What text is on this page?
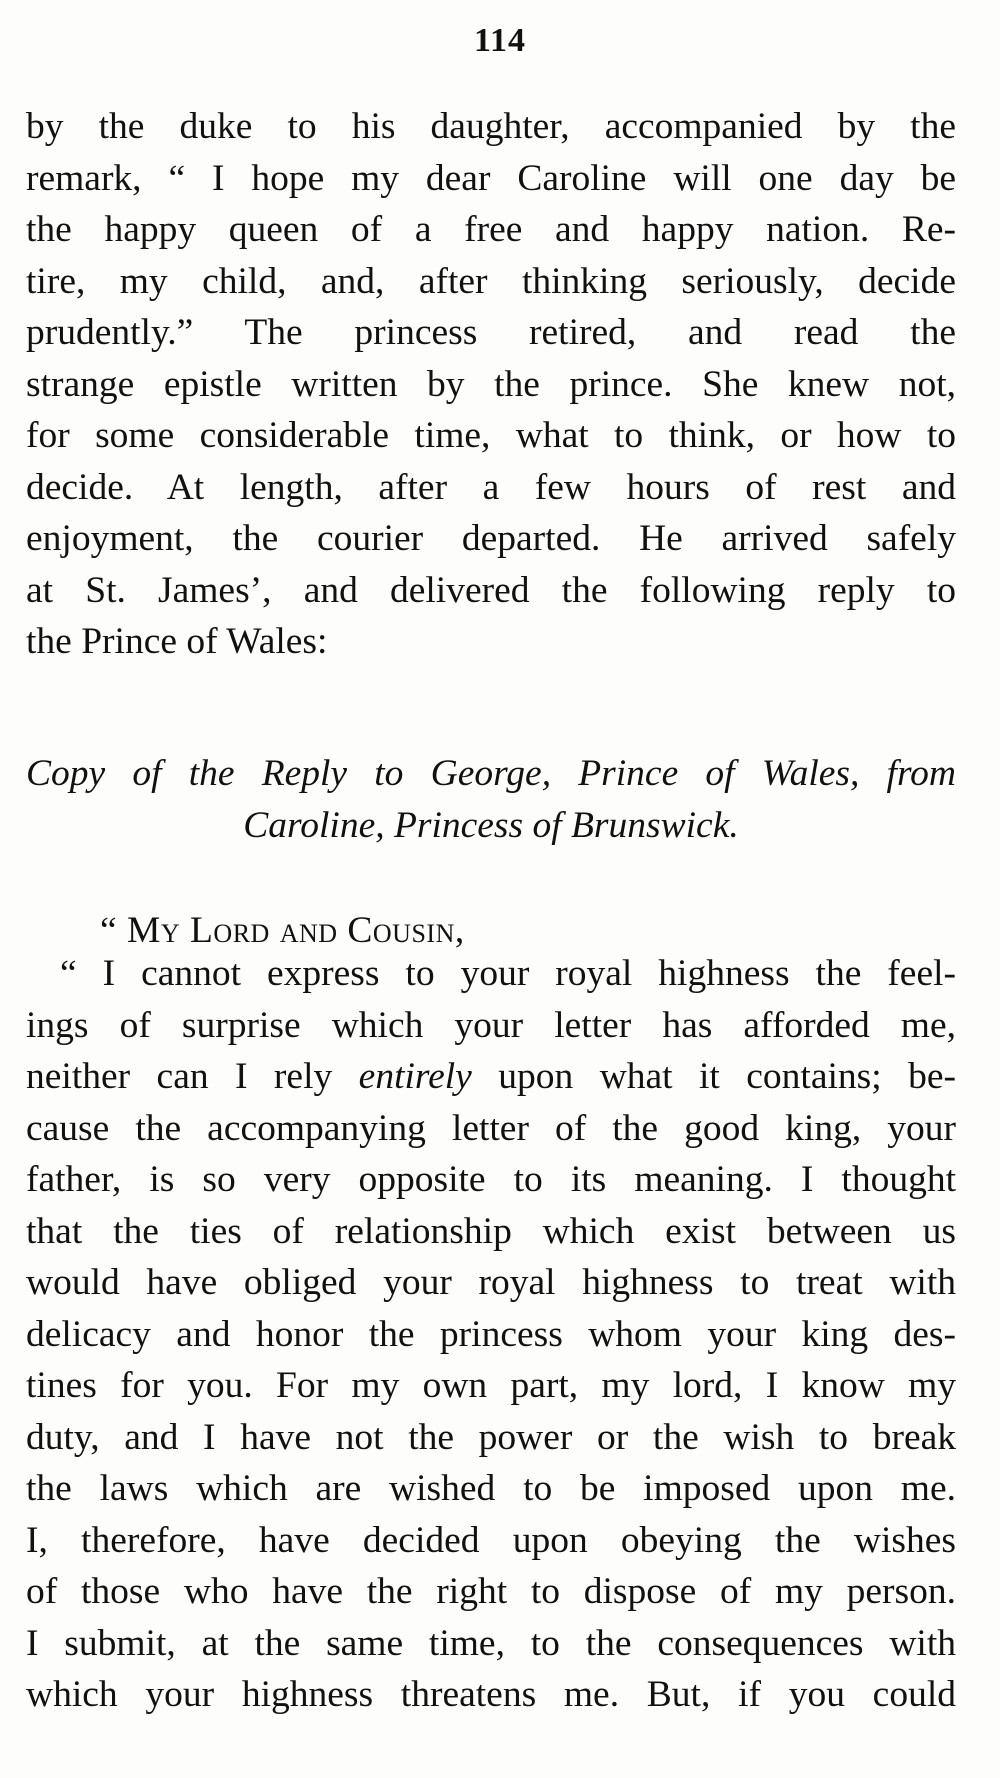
114
by the duke to his daughter, accompanied by the
remark, “ I hope my dear Caroline will one day be
the happy queen of a free and happy nation. Re-
tire, my child, and, after thinking seriously, decide
prudently.” The princess retired, and read the
strange epistle written by the prince. She knew not,
for some considerable time, what to think, or how to
decide. At length, after a few hours of rest and
enjoyment, the courier departed. He arrived safely
at St. James’, and delivered the following reply to
the Prince of Wales:
Copy of the Reply to George, Prince of Wales, from
Caroline, Princess of Brunswick.
“ My Lord and Cousin,
“ I cannot express to your royal highness the feel-
ings of surprise which your letter has afforded me,
neither can I rely entirely upon what it contains; be-
cause the accompanying letter of the good king, your
father, is so very opposite to its meaning. I thought
that the ties of relationship which exist between us
would have obliged your royal highness to treat with
delicacy and honor the princess whom your king des-
tines for you. For my own part, my lord, I know my
duty, and I have not the power or the wish to break
the laws which are wished to be imposed upon me.
I, therefore, have decided upon obeying the wishes
of those who have the right to dispose of my person.
I submit, at the same time, to the consequences with
which your highness threatens me. But, if you could
